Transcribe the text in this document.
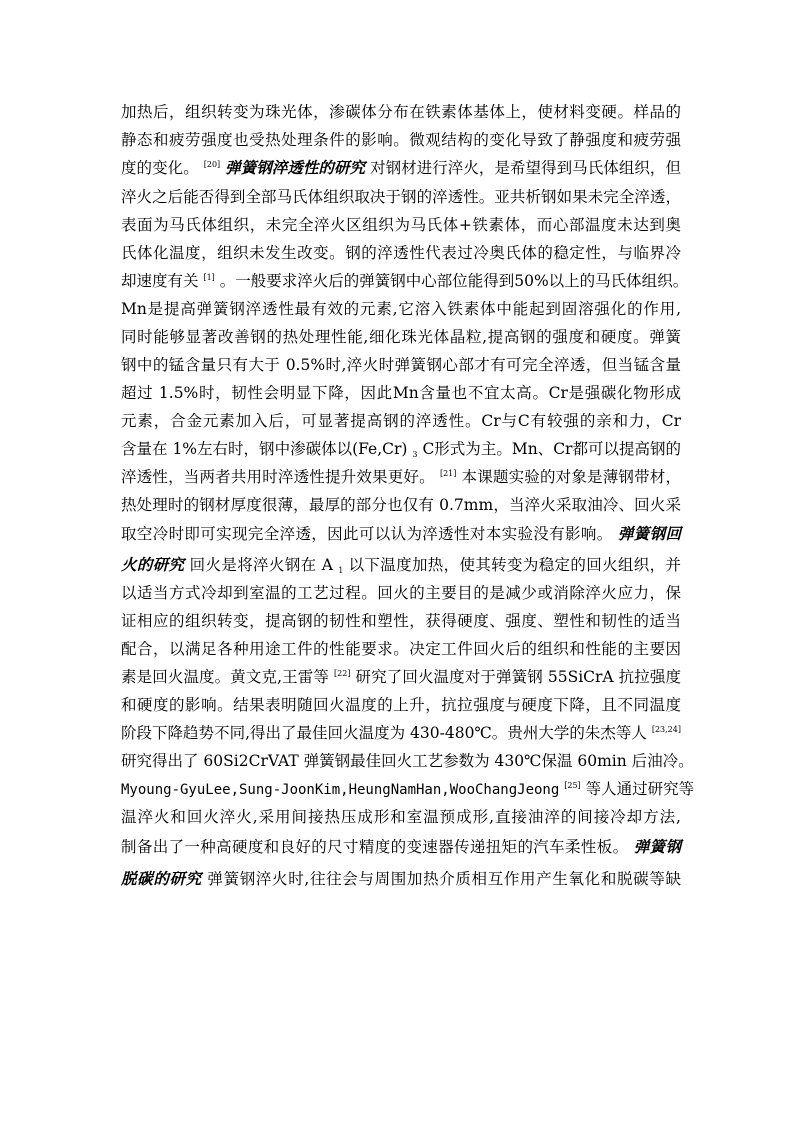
加热后，组织转变为珠光体，渗碳体分布在铁素体基体上，使材料变硬。样品的
静态和疲劳强度也受热处理条件的影响。微观结构的变化导致了静强度和疲劳强
度的变化。 [20] 弹簧钢淬透性的研究 对钢材进行淬火，是希望得到马氏体组织，但
淬火之后能否得到全部马氏体组织取决于钢的淬透性。亚共析钢如果未完全淬透，
表面为马氏体组织，未完全淬火区组织为马氏体+铁素体，而心部温度未达到奥
氏体化温度，组织未发生改变。钢的淬透性代表过冷奥氏体的稳定性，与临界冷
却速度有关 [1] 。一般要求淬火后的弹簧钢中心部位能得到50%以上的马氏体组织。
Mn是提高弹簧钢淬透性最有效的元素,它溶入铁素体中能起到固溶强化的作用,
同时能够显著改善钢的热处理性能,细化珠光体晶粒,提高钢的强度和硬度。弹簧
钢中的锰含量只有大于 0.5%时,淬火时弹簧钢心部才有可完全淬透，但当锰含量
超过 1.5%时，韧性会明显下降，因此Mn含量也不宜太高。Cr是强碳化物形成
元素，合金元素加入后，可显著提高钢的淬透性。Cr与C有较强的亲和力，Cr
含量在 1%左右时，钢中渗碳体以(Fe,Cr) $_3$ C形式为主。Mn、Cr都可以提高钢的
淬透性，当两者共用时淬透性提升效果更好。 [21] 本课题实验的对象是薄钢带材，
热处理时的钢材厚度很薄，最厚的部分也仅有 0.7mm，当淬火采取油冷、回火采
取空冷时即可实现完全淬透，因此可以认为淬透性对本实验没有影响。 弹簧钢回
火的研究 回火是将淬火钢在 A $_1$ 以下温度加热，使其转变为稳定的回火组织，并
以适当方式冷却到室温的工艺过程。回火的主要目的是减少或消除淬火应力，保
证相应的组织转变，提高钢的韧性和塑性，获得硬度、强度、塑性和韧性的适当
配合，以满足各种用途工件的性能要求。决定工件回火后的组织和性能的主要因
素是回火温度。黄文克,王雷等 [22] 研究了回火温度对于弹簧钢 55SiCrA 抗拉强度
和硬度的影响。结果表明随回火温度的上升，抗拉强度与硬度下降，且不同温度
阶段下降趋势不同,得出了最佳回火温度为 430-480℃。贵州大学的朱杰等人 [23,24]
研究得出了 60Si2CrVAT 弹簧钢最佳回火工艺参数为 430℃保温 60min 后油冷。
Myoung-GyuLee,Sung-JoonKim,HeungNamHan,WooChangJeong [25] 等人通过研究等
温淬火和回火淬火,采用间接热压成形和室温预成形,直接油淬的间接冷却方法,
制备出了一种高硬度和良好的尺寸精度的变速器传递扭矩的汽车柔性板。 弹簧钢
脱碳的研究 弹簧钢淬火时,往往会与周围加热介质相互作用产生氧化和脱碳等缺
